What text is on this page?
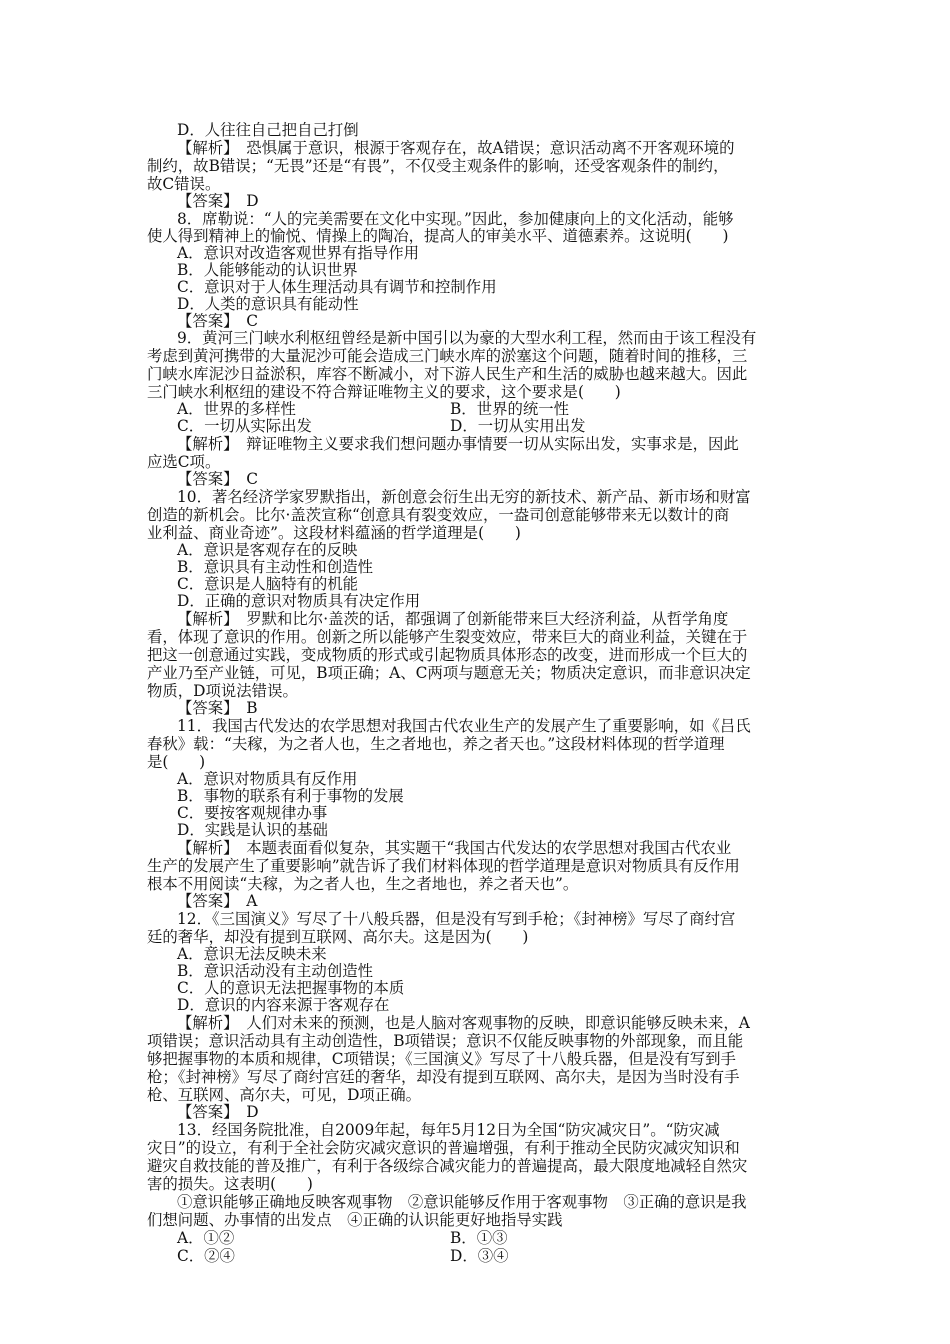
D．人往往自己把自己打倒
【解析】　恐惧属于意识，根源于客观存在，故A错误；意识活动离不开客观环境的
制约，故B错误；“无畏”还是“有畏”，不仅受主观条件的影响，还受客观条件的制约，
故C错误。
【答案】　D
8．席勒说：“人的完美需要在文化中实现。”因此，参加健康向上的文化活动，能够
使人得到精神上的愉悦、情操上的陶冶，提高人的审美水平、道德素养。这说明(　　)
A．意识对改造客观世界有指导作用
B．人能够能动的认识世界
C．意识对于人体生理活动具有调节和控制作用
D．人类的意识具有能动性
【答案】　C
9．黄河三门峡水利枢纽曾经是新中国引以为豪的大型水利工程，然而由于该工程没有
考虑到黄河携带的大量泥沙可能会造成三门峡水库的淤塞这个问题，随着时间的推移，三
门峡水库泥沙日益淤积，库容不断减小，对下游人民生产和生活的威胁也越来越大。因此
三门峡水利枢纽的建设不符合辩证唯物主义的要求，这个要求是(　　)
A．世界的多样性	B．世界的统一性
C．一切从实际出发	D．一切从实用出发
【解析】　辩证唯物主义要求我们想问题办事情要一切从实际出发，实事求是，因此
应选C项。
【答案】　C
10．著名经济学家罗默指出，新创意会衍生出无穷的新技术、新产品、新市场和财富
创造的新机会。比尔·盖茨宣称“创意具有裂变效应，一盎司创意能够带来无以数计的商
业利益、商业奇迹”。这段材料蕴涵的哲学道理是(　　)
A．意识是客观存在的反映
B．意识具有主动性和创造性
C．意识是人脑特有的机能
D．正确的意识对物质具有决定作用
【解析】　罗默和比尔·盖茨的话，都强调了创新能带来巨大经济利益，从哲学角度
看，体现了意识的作用。创新之所以能够产生裂变效应，带来巨大的商业利益，关键在于
把这一创意通过实践，变成物质的形式或引起物质具体形态的改变，进而形成一个巨大的
产业乃至产业链，可见，B项正确；A、C两项与题意无关；物质决定意识，而非意识决定
物质，D项说法错误。
【答案】　B
11．我国古代发达的农学思想对我国古代农业生产的发展产生了重要影响，如《吕氏
春秋》载：“夫稼，为之者人也，生之者地也，养之者天也。”这段材料体现的哲学道理
是(　　)
A．意识对物质具有反作用
B．事物的联系有利于事物的发展
C．要按客观规律办事
D．实践是认识的基础
【解析】　本题表面看似复杂，其实题干“我国古代发达的农学思想对我国古代农业
生产的发展产生了重要影响”就告诉了我们材料体现的哲学道理是意识对物质具有反作用
根本不用阅读“夫稼，为之者人也，生之者地也，养之者天也”。
【答案】　A
12．《三国演义》写尽了十八般兵器，但是没有写到手枪；《封神榜》写尽了商纣宫
廷的奢华，却没有提到互联网、高尔夫。这是因为(　　)
A．意识无法反映未来
B．意识活动没有主动创造性
C．人的意识无法把握事物的本质
D．意识的内容来源于客观存在
【解析】　人们对未来的预测，也是人脑对客观事物的反映，即意识能够反映未来，A
项错误；意识活动具有主动创造性，B项错误；意识不仅能反映事物的外部现象，而且能
够把握事物的本质和规律，C项错误；《三国演义》写尽了十八般兵器，但是没有写到手
枪；《封神榜》写尽了商纣宫廷的奢华，却没有提到互联网、高尔夫，是因为当时没有手
枪、互联网、高尔夫，可见，D项正确。
【答案】　D
13．经国务院批准，自2009年起，每年5月12日为全国“防灾减灾日”。“防灾减
灾日”的设立，有利于全社会防灾减灾意识的普遍增强，有利于推动全民防灾减灾知识和
避灾自救技能的普及推广，有利于各级综合减灾能力的普遍提高，最大限度地减轻自然灾
害的损失。这表明(　　)
①意识能够正确地反映客观事物　②意识能够反作用于客观事物　③正确的意识是我
们想问题、办事情的出发点　④正确的认识能更好地指导实践
A．①②	B．①③
C．②④	D．③④
